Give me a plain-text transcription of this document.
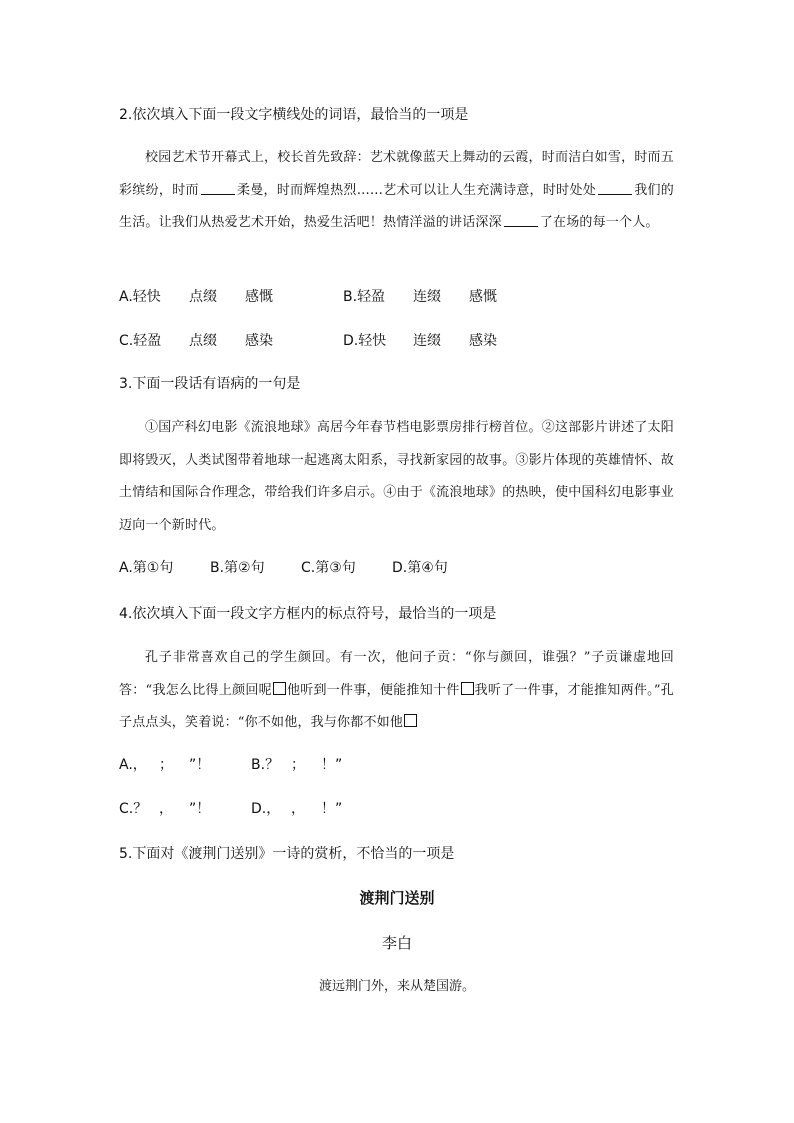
2.依次填入下面一段文字横线处的词语，最恰当的一项是

校园艺术节开幕式上，校长首先致辞：艺术就像蓝天上舞动的云霞，时而洁白如雪，时而五彩缤纷，时而	柔曼，时而辉煌热烈……艺术可以让人生充满诗意，时时处处	我们的生活。让我们从热爱艺术开始，热爱生活吧！热情洋溢的讲话深深	了在场的每一个人。

A.轻快 点缀 感慨	B.轻盈 连缀 感慨
C.轻盈 点缀 感染	D.轻快 连缀 感染
3.下面一段话有语病的一句是

①国产科幻电影《流浪地球》高居今年春节档电影票房排行榜首位。②这部影片讲述了太阳即将毁灭，人类试图带着地球一起逃离太阳系，寻找新家园的故事。③影片体现的英雄情怀、故土情结和国际合作理念，带给我们许多启示。④由于《流浪地球》的热映，使中国科幻电影事业迈向一个新时代。

A.第①句	B.第②句	C.第③句	D.第④句
4.依次填入下面一段文字方框内的标点符号，最恰当的一项是

孔子非常喜欢自己的学生颜回。有一次，他问子贡：“你与颜回，谁强？”子贡谦虚地回答：“我怎么比得上颜回呢 他听到一件事，便能推知十件 我听了一件事，才能推知两件。”孔子点点头，笑着说：“你不如他，我与你都不如他

A.， ； ”！	B.？ ； ！”
C.？ ， ”！	D.， ， ！”
5.下面对《渡荆门送别》一诗的赏析，不恰当的一项是
渡荆门送别
李白
渡远荆门外，来从楚国游。
